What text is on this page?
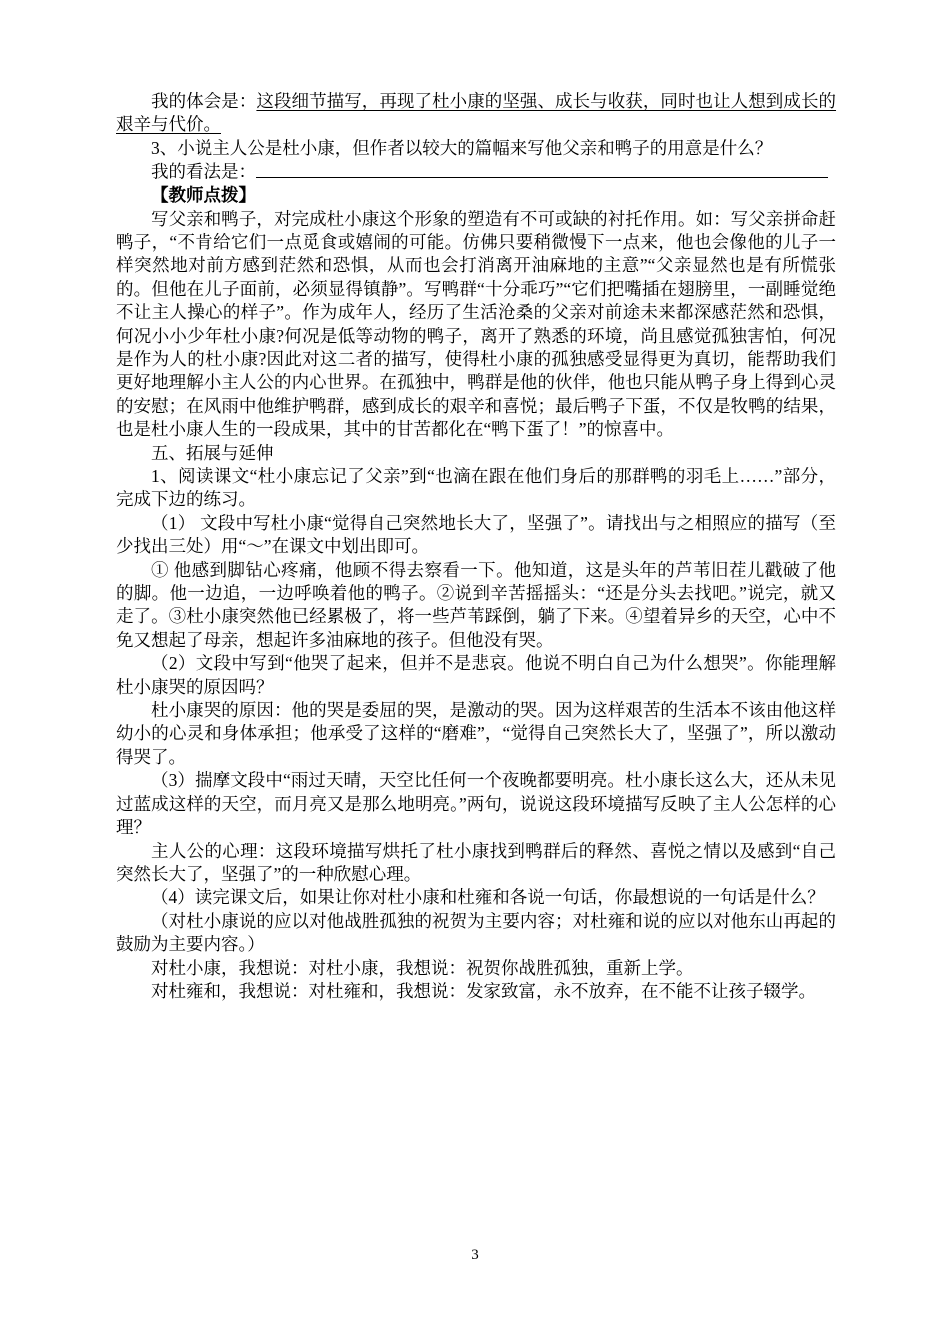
我的体会是：这段细节描写，再现了杜小康的坚强、成长与收获，同时也让人想到成长的艰辛与代价。

3、小说主人公是杜小康，但作者以较大的篇幅来写他父亲和鸭子的用意是什么？

我的看法是：

【教师点拨】

写父亲和鸭子，对完成杜小康这个形象的塑造有不可或缺的衬托作用。如：写父亲拼命赶鸭子，“不肯给它们一点觅食或嬉闹的可能。仿佛只要稍微慢下一点来，他也会像他的儿子一样突然地对前方感到茫然和恐惧，从而也会打消离开油麻地的主意”“父亲显然也是有所慌张的。但他在儿子面前，必须显得镇静”。写鸭群“十分乖巧”“它们把嘴插在翅膀里，一副睡觉绝不让主人操心的样子”。作为成年人，经历了生活沧桑的父亲对前途未来都深感茫然和恐惧，何况小小少年杜小康?何况是低等动物的鸭子，离开了熟悉的环境，尚且感觉孤独害怕，何况是作为人的杜小康?因此对这二者的描写，使得杜小康的孤独感受显得更为真切，能帮助我们更好地理解小主人公的内心世界。在孤独中，鸭群是他的伙伴，他也只能从鸭子身上得到心灵的安慰；在风雨中他维护鸭群，感到成长的艰辛和喜悦；最后鸭子下蛋，不仅是牧鸭的结果，也是杜小康人生的一段成果，其中的甘苦都化在“鸭下蛋了！”的惊喜中。

五、拓展与延伸

1、阅读课文“杜小康忘记了父亲”到“也滴在跟在他们身后的那群鸭的羽毛上……”部分，完成下边的练习。

（1） 文段中写杜小康“觉得自己突然地长大了，坚强了”。请找出与之相照应的描写（至少找出三处）用“～”在课文中划出即可。

① 他感到脚钻心疼痛，他顾不得去察看一下。他知道，这是头年的芦苇旧茬儿戳破了他的脚。他一边追，一边呼唤着他的鸭子。②说到辛苦摇摇头：“还是分头去找吧。”说完，就又走了。③杜小康突然他已经累极了，将一些芦苇踩倒，躺了下来。④望着异乡的天空，心中不免又想起了母亲，想起许多油麻地的孩子。但他没有哭。

（2）文段中写到“他哭了起来，但并不是悲哀。他说不明白自己为什么想哭”。你能理解杜小康哭的原因吗？

杜小康哭的原因：他的哭是委屈的哭，是激动的哭。因为这样艰苦的生活本不该由他这样幼小的心灵和身体承担；他承受了这样的“磨难”，“觉得自己突然长大了，坚强了”，所以激动得哭了。

（3）揣摩文段中“雨过天晴，天空比任何一个夜晚都要明亮。杜小康长这么大，还从未见过蓝成这样的天空，而月亮又是那么地明亮。”两句，说说这段环境描写反映了主人公怎样的心理？

主人公的心理：这段环境描写烘托了杜小康找到鸭群后的释然、喜悦之情以及感到“自己突然长大了，坚强了”的一种欣慰心理。

（4）读完课文后，如果让你对杜小康和杜雍和各说一句话，你最想说的一句话是什么？

（对杜小康说的应以对他战胜孤独的祝贺为主要内容；对杜雍和说的应以对他东山再起的鼓励为主要内容。）

对杜小康，我想说：对杜小康，我想说：祝贺你战胜孤独，重新上学。

对杜雍和，我想说：对杜雍和，我想说：发家致富，永不放弃，在不能不让孩子辍学。

3
